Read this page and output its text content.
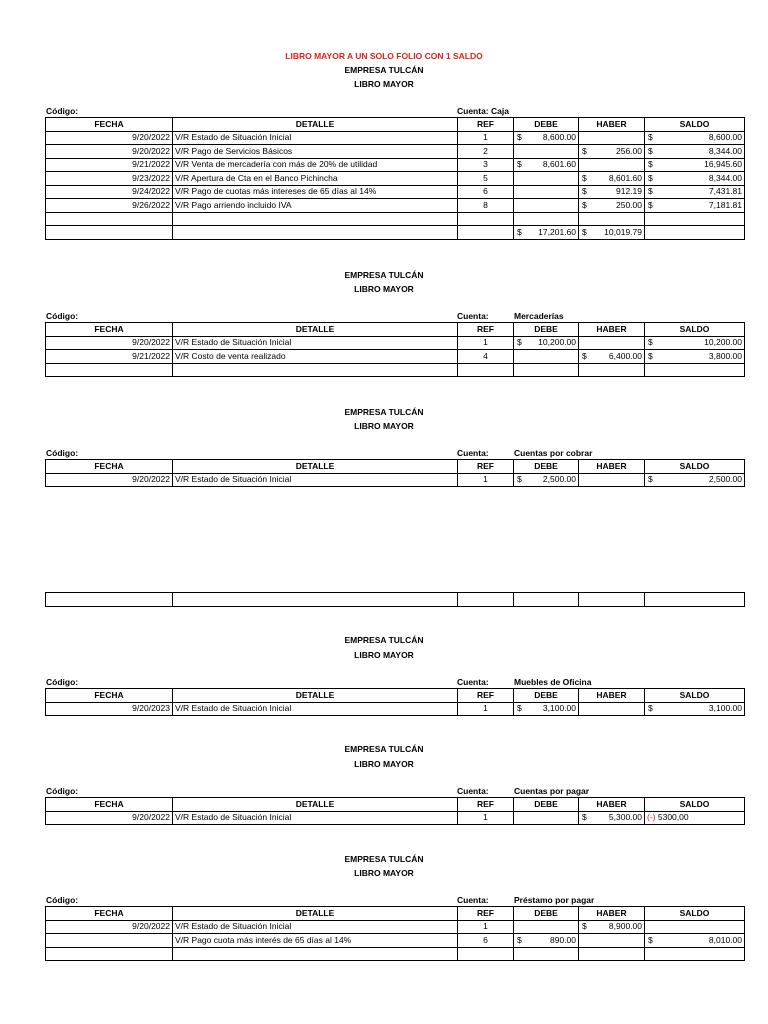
LIBRO MAYOR A UN SOLO FOLIO CON 1 SALDO
EMPRESA TULCÁN
LIBRO MAYOR
Código:	Cuenta: Caja
FECHA	DETALLE	REF	DEBE	HABER	SALDO
9/20/2022	V/R Estado de Situación Inicial	1	$ 8,600.00		$ 8,600.00
9/20/2022	V/R Pago de Servicios Básicos	2		$ 256.00	$ 8,344.00
9/21/2022	V/R Venta de mercadería con más de 20% de utilidad	3	$ 8,601.60		$ 16,945.60
9/23/2022	V/R Apertura de Cta en el Banco Pichincha	5		$ 8,601.60	$ 8,344.00
9/24/2022	V/R Pago de cuotas más intereses de 65 días al 14%	6		$ 912.19	$ 7,431.81
9/26/2022	V/R Pago arriendo incluido IVA	8		$ 250.00	$ 7,181.81

			$ 17,201.60	$ 10,019.79	
EMPRESA TULCÁN
LIBRO MAYOR
Código:	Cuenta:	Mercaderías
FECHA	DETALLE	REF	DEBE	HABER	SALDO
9/20/2022	V/R Estado de Situación Inicial	1	$ 10,200.00		$ 10,200.00
9/21/2022	V/R Costo de venta realizado	4		$ 6,400.00	$ 3,800.00

EMPRESA TULCÁN
LIBRO MAYOR
Código:	Cuenta:	Cuentas por cobrar
FECHA	DETALLE	REF	DEBE	HABER	SALDO
9/20/2022	V/R Estado de Situación Inicial	1	$ 2,500.00		$ 2,500.00

EMPRESA TULCÁN
LIBRO MAYOR
Código:	Cuenta:	Muebles de Oficina
FECHA	DETALLE	REF	DEBE	HABER	SALDO
9/20/2023	V/R Estado de Situación Inicial	1	$ 3,100.00		$ 3,100.00
EMPRESA TULCÁN
LIBRO MAYOR
Código:	Cuenta:	Cuentas por pagar
FECHA	DETALLE	REF	DEBE	HABER	SALDO
9/20/2022	V/R Estado de Situación Inicial	1		$ 5,300.00	(-) 5300,00
EMPRESA TULCÁN
LIBRO MAYOR
Código:	Cuenta:	Préstamo por pagar
FECHA	DETALLE	REF	DEBE	HABER	SALDO
9/20/2022	V/R Estado de Situación Inicial	1		$ 8,900.00	
	V/R Pago cuota más interés de 65 días al 14%	6	$ 890.00		$ 8,010.00
